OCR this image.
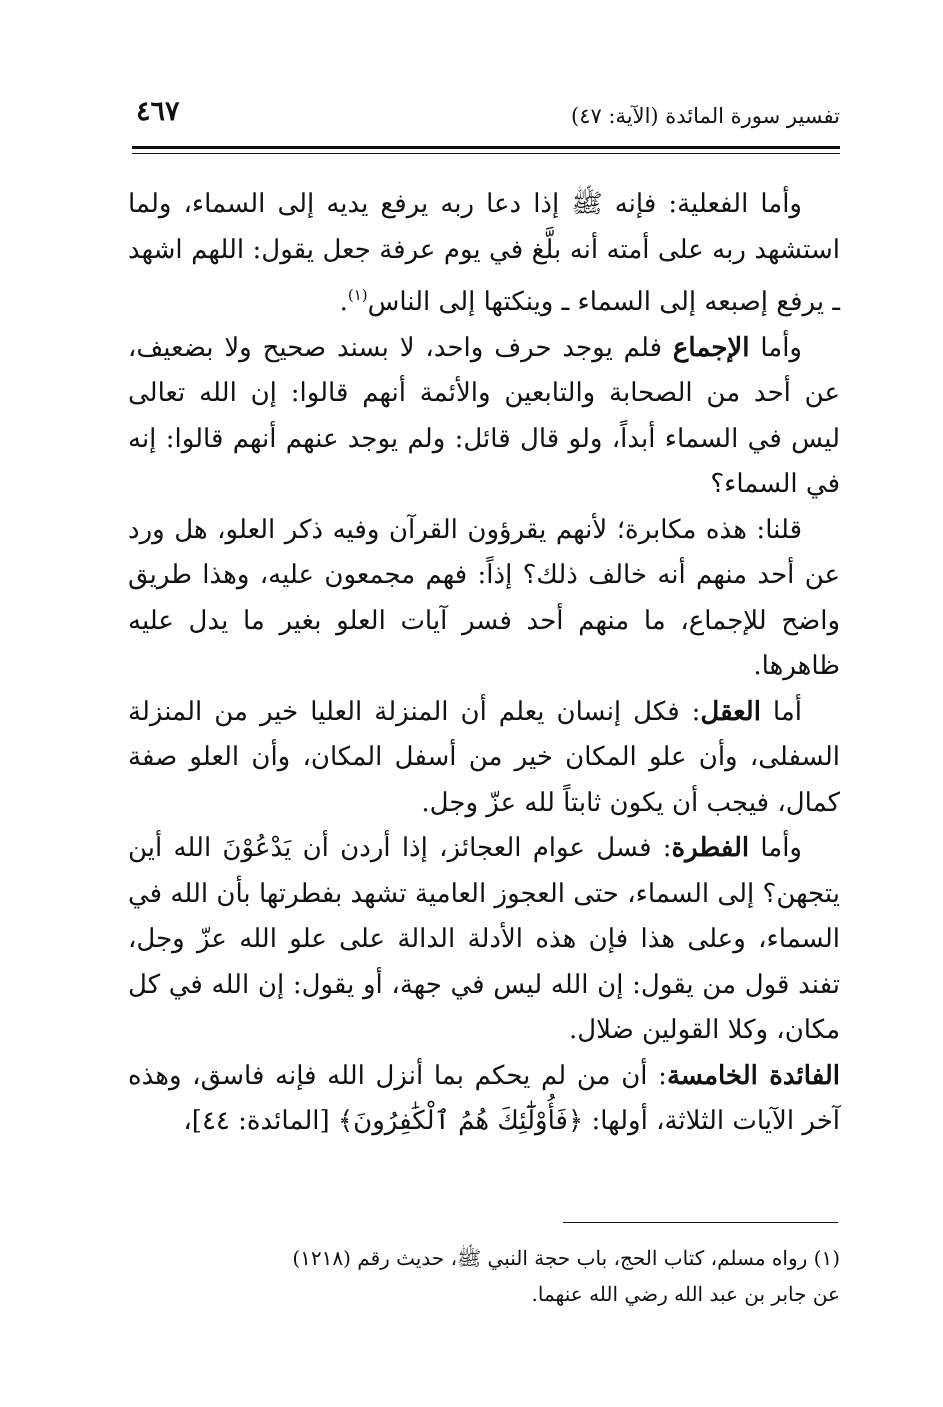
تفسير سورة المائدة (الآية: ٤٧)
٤٦٧

وأما الفعلية: فإنه ﷺ إذا دعا ربه يرفع يديه إلى السماء، ولما استشهد ربه على أمته أنه بلَّغ في يوم عرفة جعل يقول: اللهم اشهد ـ يرفع إصبعه إلى السماء ـ وينكتها إلى الناس$^{(١)}$.

وأما الإجماع فلم يوجد حرف واحد، لا بسند صحيح ولا بضعيف، عن أحد من الصحابة والتابعين والأئمة أنهم قالوا: إن الله تعالى ليس في السماء أبداً، ولو قال قائل: ولم يوجد عنهم أنهم قالوا: إنه في السماء؟

قلنا: هذه مكابرة؛ لأنهم يقرؤون القرآن وفيه ذكر العلو، هل ورد عن أحد منهم أنه خالف ذلك؟ إذاً: فهم مجمعون عليه، وهذا طريق واضح للإجماع، ما منهم أحد فسر آيات العلو بغير ما يدل عليه ظاهرها.

أما العقل: فكل إنسان يعلم أن المنزلة العليا خير من المنزلة السفلى، وأن علو المكان خير من أسفل المكان، وأن العلو صفة كمال، فيجب أن يكون ثابتاً لله عزّ وجل.

وأما الفطرة: فسل عوام العجائز، إذا أردن أن يَدْعُوْنَ الله أين يتجهن؟ إلى السماء، حتى العجوز العامية تشهد بفطرتها بأن الله في السماء، وعلى هذا فإن هذه الأدلة الدالة على علو الله عزّ وجل، تفند قول من يقول: إن الله ليس في جهة، أو يقول: إن الله في كل مكان، وكلا القولين ضلال.

الفائدة الخامسة: أن من لم يحكم بما أنزل الله فإنه فاسق، وهذه آخر الآيات الثلاثة، أولها: ﴿فَأُوْلَٰٓئِكَ هُمُ ٱلْكَٰفِرُونَ﴾ [المائدة: ٤٤]،

(١) رواه مسلم، كتاب الحج، باب حجة النبي ﷺ، حديث رقم (١٢١٨)

عن جابر بن عبد الله رضي الله عنهما.
